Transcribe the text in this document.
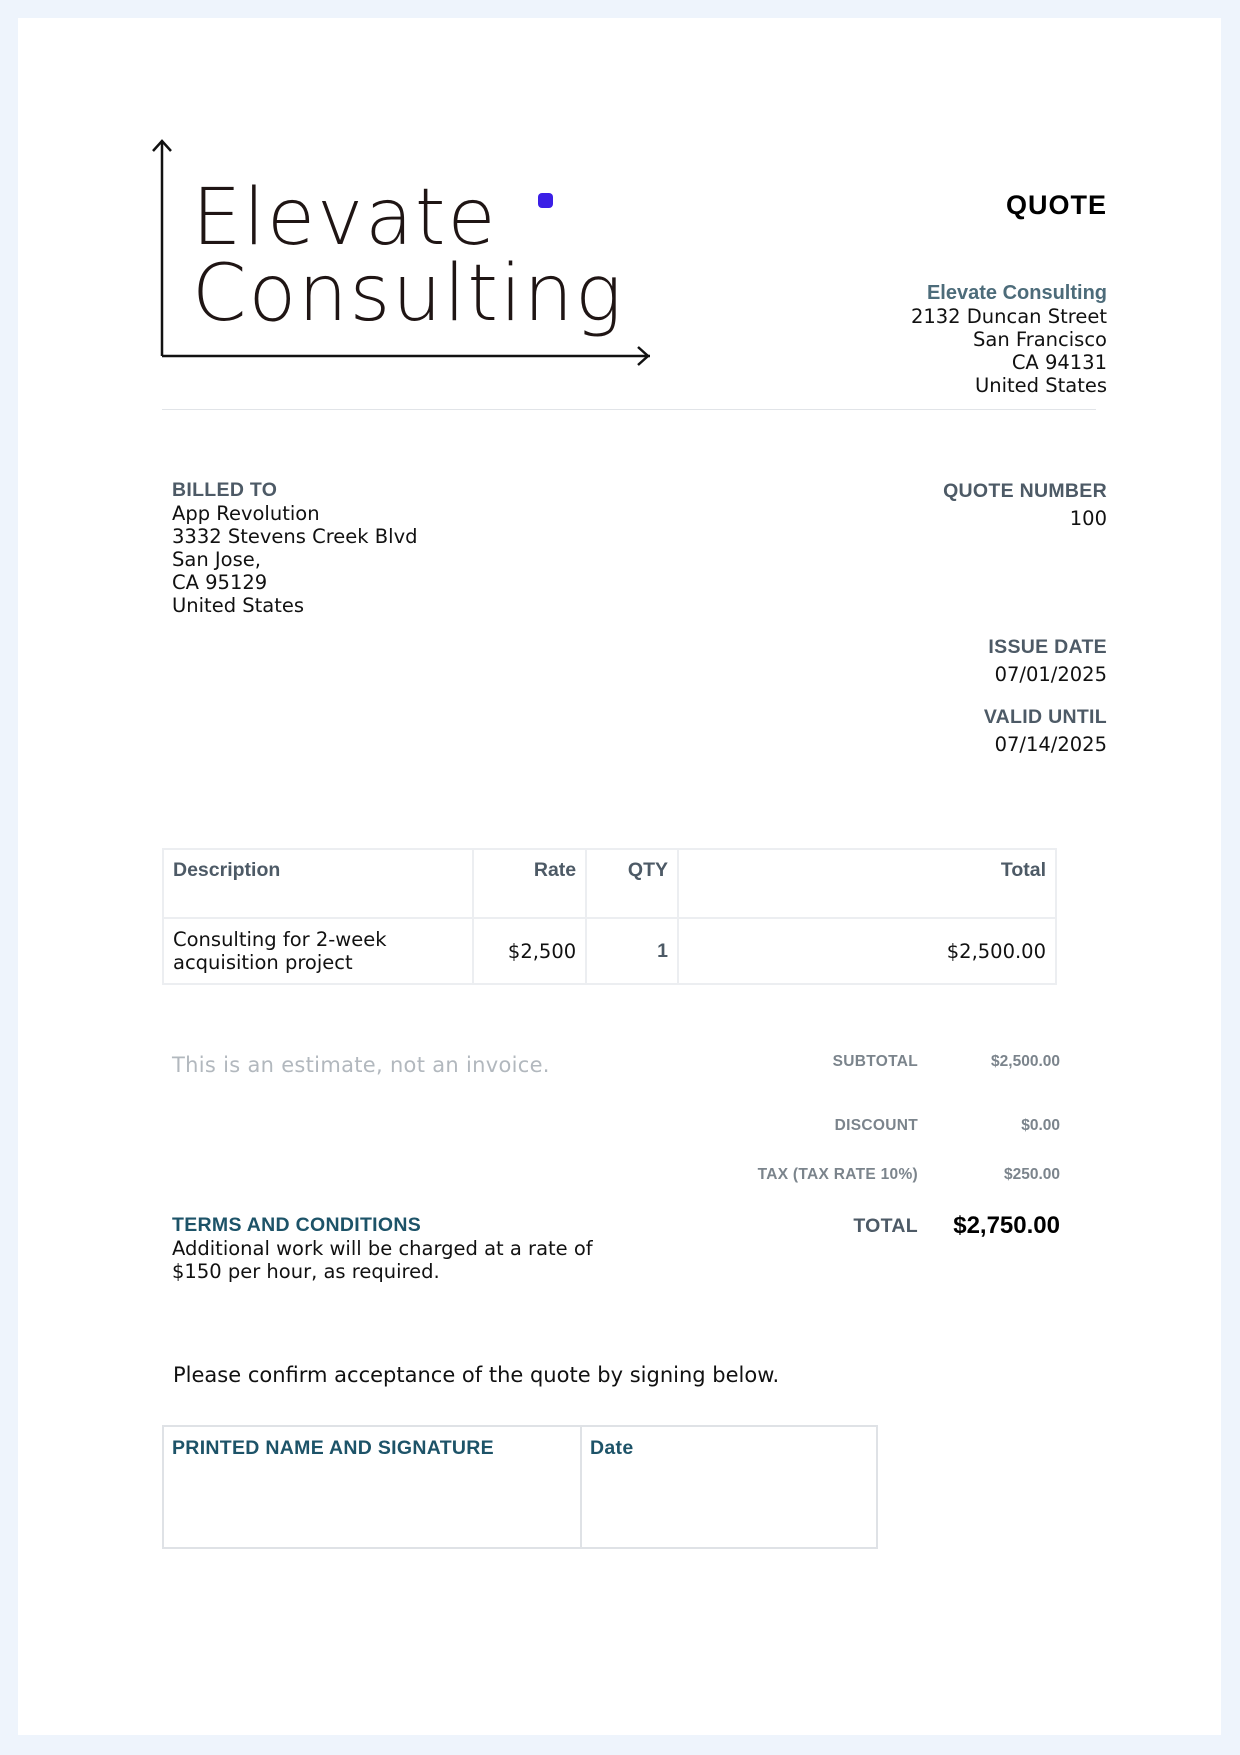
Elevate
Consulting
QUOTE
Elevate Consulting
2132 Duncan Street
San Francisco
CA 94131
United States
BILLED TO
App Revolution
3332 Stevens Creek Blvd
San Jose,
CA 95129
United States
QUOTE NUMBER
100
ISSUE DATE
07/01/2025
VALID UNTIL
07/14/2025
Description	Rate	QTY	Total

Consulting for 2-week
acquisition project	$2,500	1	$2,500.00
This is an estimate, not an invoice.	SUBTOTAL	$2,500.00
DISCOUNT	$0.00
TAX (TAX RATE 10%)	$250.00
TOTAL $2,750.00
TERMS AND CONDITIONS
Additional work will be charged at a rate of $150 per hour, as required.
Please confirm acceptance of the quote by signing below.
PRINTED NAME AND SIGNATURE	Date
